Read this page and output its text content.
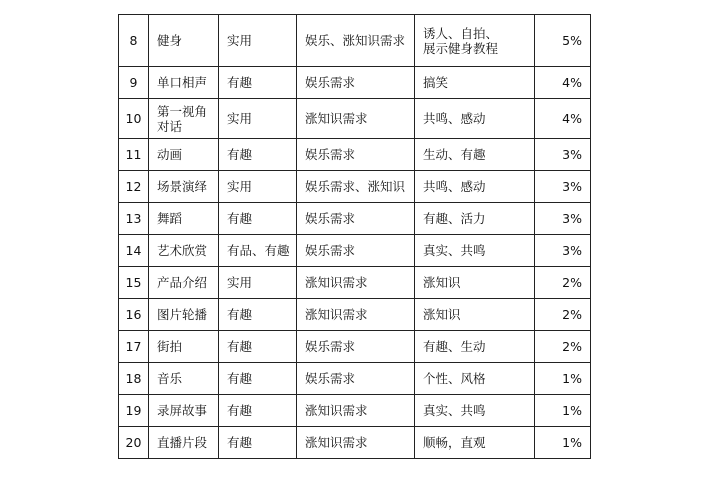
8	健身	实用	娱乐、涨知识需求	诱人、自拍、
展示健身教程	5%
9	单口相声	有趣	娱乐需求	搞笑	4%
10	第一视角
对话	实用	涨知识需求	共鸣、感动	4%
11	动画	有趣	娱乐需求	生动、有趣	3%
12	场景演绎	实用	娱乐需求、涨知识	共鸣、感动	3%
13	舞蹈	有趣	娱乐需求	有趣、活力	3%
14	艺术欣赏	有品、有趣	娱乐需求	真实、共鸣	3%
15	产品介绍	实用	涨知识需求	涨知识	2%
16	图片轮播	有趣	涨知识需求	涨知识	2%
17	街拍	有趣	娱乐需求	有趣、生动	2%
18	音乐	有趣	娱乐需求	个性、风格	1%
19	录屏故事	有趣	涨知识需求	真实、共鸣	1%
20	直播片段	有趣	涨知识需求	顺畅，直观	1%
